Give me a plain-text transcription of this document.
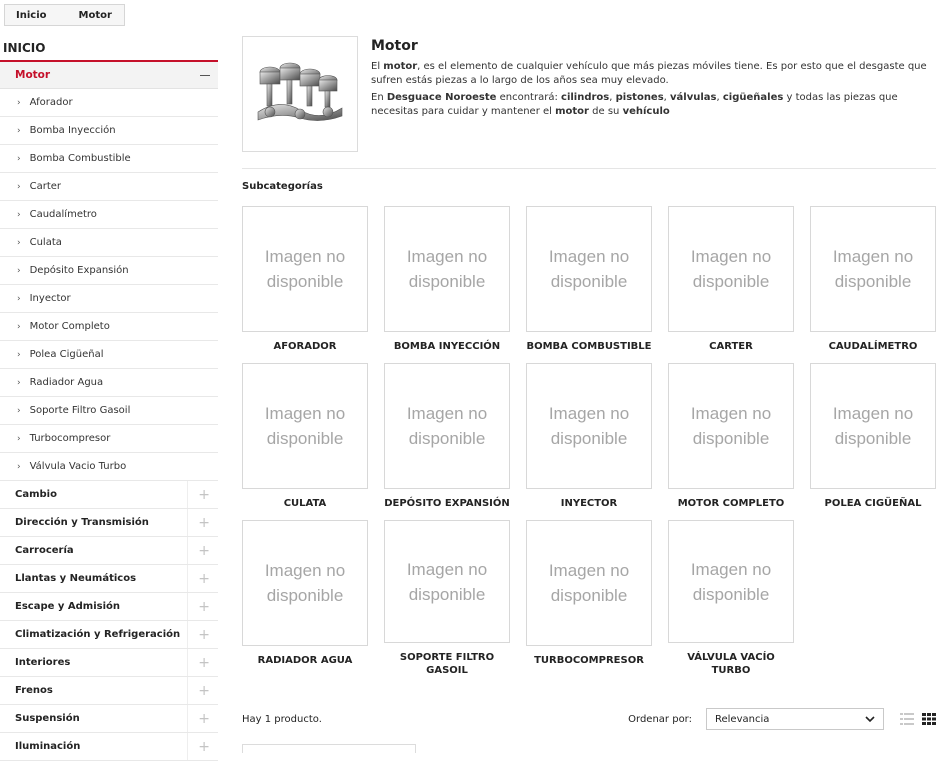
Inicio	Motor
INICIO
Motor
› Aforador
› Bomba Inyección
› Bomba Combustible
› Carter
› Caudalímetro
› Culata
› Depósito Expansión
› Inyector
› Motor Completo
› Polea Cigüeñal
› Radiador Agua
› Soporte Filtro Gasoil
› Turbocompresor
› Válvula Vacio Turbo
Cambio	+
Dirección y Transmisión	+
Carrocería	+
Llantas y Neumáticos	+
Escape y Admisión	+
Climatización y Refrigeración	+
Interiores	+
Frenos	+
Suspensión	+
Iluminación	+
Motor

El motor, es el elemento de cualquier vehículo que más piezas móviles tiene. Es por esto que el desgaste que sufren estás piezas a lo largo de los años sea muy elevado.

En Desguace Noroeste encontrará: cilindros, pistones, válvulas, cigüeñales y todas las piezas que necesitas para cuidar y mantener el motor de su vehículo

Subcategorías
Imagen no
disponible
AFORADOR
Imagen no
disponible
BOMBA INYECCIÓN
Imagen no
disponible
BOMBA COMBUSTIBLE
Imagen no
disponible
CARTER
Imagen no
disponible
CAUDALÍMETRO
Imagen no
disponible
CULATA
Imagen no
disponible
DEPÓSITO EXPANSIÓN
Imagen no
disponible
INYECTOR
Imagen no
disponible
MOTOR COMPLETO
Imagen no
disponible
POLEA CIGÜEÑAL
Imagen no
disponible
RADIADOR AGUA
Imagen no
disponible
SOPORTE FILTRO GASOIL
Imagen no
disponible
TURBOCOMPRESOR
Imagen no
disponible
VÁLVULA VACÍO TURBO
Hay 1 producto.	Ordenar por: Relevancia
